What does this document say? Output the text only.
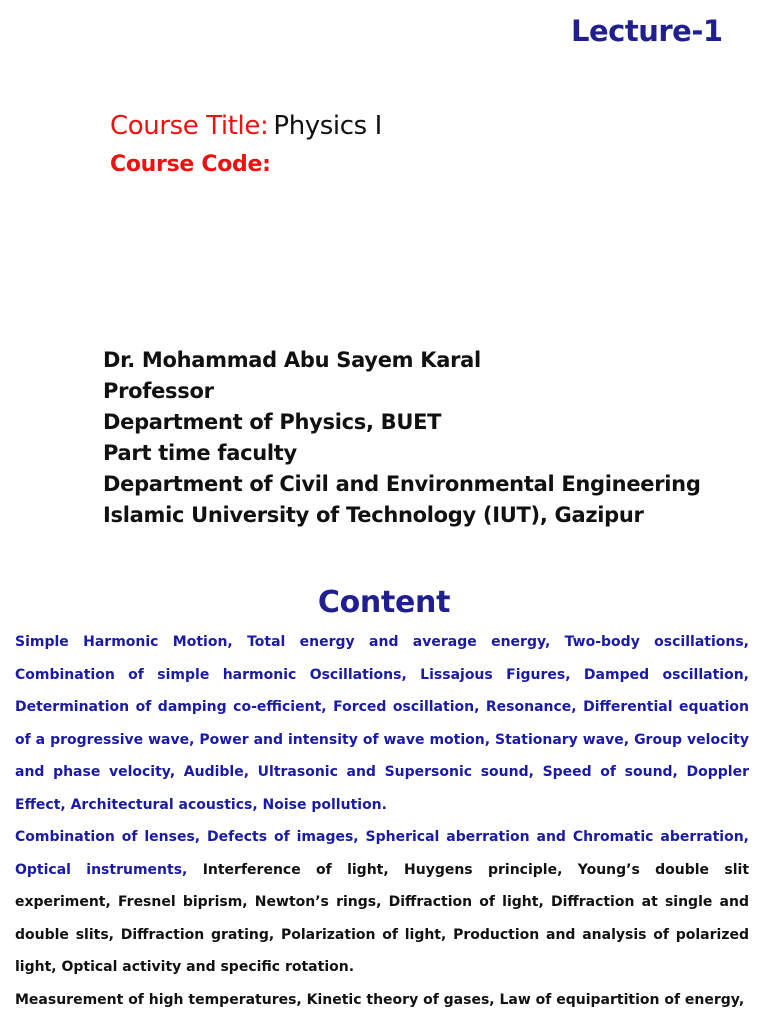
Lecture-1
Course Title: Physics I
Course Code:
Dr. Mohammad Abu Sayem Karal
Professor
Department of Physics, BUET
Part time faculty
Department of Civil and Environmental Engineering
Islamic University of Technology (IUT), Gazipur
Content

Simple Harmonic Motion, Total energy and average energy, Two-body oscillations, Combination of simple harmonic Oscillations, Lissajous Figures, Damped oscillation, Determination of damping co-efficient, Forced oscillation, Resonance, Differential equation of a progressive wave, Power and intensity of wave motion, Stationary wave, Group velocity and phase velocity, Audible, Ultrasonic and Supersonic sound, Speed of sound, Doppler Effect, Architectural acoustics, Noise pollution.

Combination of lenses, Defects of images, Spherical aberration and Chromatic aberration, Optical instruments, Interference of light, Huygens principle, Young’s double slit experiment, Fresnel biprism, Newton’s rings, Diffraction of light, Diffraction at single and double slits, Diffraction grating, Polarization of light, Production and analysis of polarized light, Optical activity and specific rotation.

Measurement of high temperatures, Kinetic theory of gases, Law of equipartition of energy,
